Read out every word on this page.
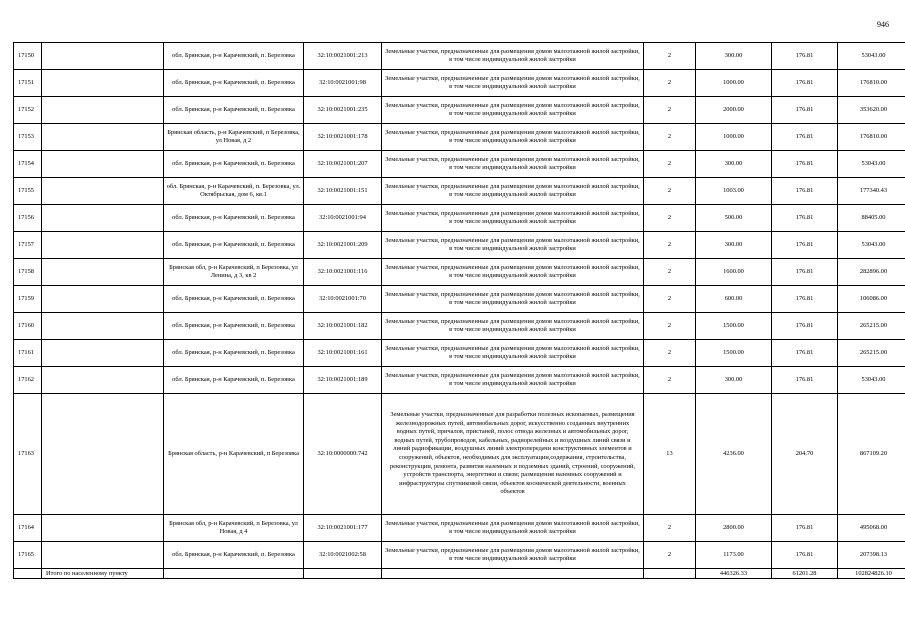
946
17150		обл. Брянская, р-н Карачевский, п. Березовка	32:10:0021001:213	Земельные участки, предназначенные для размещения домов малоэтажной жилой застройки, в том числе индивидуальной жилой застройки	2	300.00	176.81	53043.00
17151		обл. Брянская, р-н Карачевский, п. Березовка	32:10:0021001:98	Земельные участки, предназначенные для размещения домов малоэтажной жилой застройки, в том числе индивидуальной жилой застройки	2	1000.00	176.81	176810.00
17152		обл. Брянская, р-н Карачевский, п. Березовка	32:10:0021001:235	Земельные участки, предназначенные для размещения домов малоэтажной жилой застройки, в том числе индивидуальной жилой застройки	2	2000.00	176.81	353620.00
17153		Брянская область, р-н Карачевский, п Березовка, ул Новая, д 2	32:10:0021001:178	Земельные участки, предназначенные для размещения домов малоэтажной жилой застройки, в том числе индивидуальной жилой застройки	2	1000.00	176.81	176810.00
17154		обл. Брянская, р-н Карачевский, п. Березовка	32:10:0021001:207	Земельные участки, предназначенные для размещения домов малоэтажной жилой застройки, в том числе индивидуальной жилой застройки	2	300.00	176.81	53043.00
17155		обл. Брянская, р-н Карачевский, п. Березовка, ул. Октябрьская, дом 6, кв.1	32:10:0021001:151	Земельные участки, предназначенные для размещения домов малоэтажной жилой застройки, в том числе индивидуальной жилой застройки	2	1003.00	176.81	177340.43
17156		обл. Брянская, р-н Карачевский, п. Березовка	32:10:0021001:94	Земельные участки, предназначенные для размещения домов малоэтажной жилой застройки, в том числе индивидуальной жилой застройки	2	500.00	176.81	88405.00
17157		обл. Брянская, р-н Карачевский, п. Березовка	32:10:0021001:209	Земельные участки, предназначенные для размещения домов малоэтажной жилой застройки, в том числе индивидуальной жилой застройки	2	300.00	176.81	53043.00
17158		Брянская обл, р-н Карачевский, п Березовка, ул Ленина, д 3, кв 2	32:10:0021001:116	Земельные участки, предназначенные для размещения домов малоэтажной жилой застройки, в том числе индивидуальной жилой застройки	2	1600.00	176.81	282896.00
17159		обл. Брянская, р-н Карачевский, п. Березовка	32:10:0021001:70	Земельные участки, предназначенные для размещения домов малоэтажной жилой застройки, в том числе индивидуальной жилой застройки	2	600.00	176.81	106086.00
17160		обл. Брянская, р-н Карачевский, п. Березовка	32:10:0021001:182	Земельные участки, предназначенные для размещения домов малоэтажной жилой застройки, в том числе индивидуальной жилой застройки	2	1500.00	176.81	265215.00
17161		обл. Брянская, р-н Карачевский, п. Березовка	32:10:0021001:161	Земельные участки, предназначенные для размещения домов малоэтажной жилой застройки, в том числе индивидуальной жилой застройки	2	1500.00	176.81	265215.00
17162		обл. Брянская, р-н Карачевский, п. Березовка	32:10:0021001:189	Земельные участки, предназначенные для размещения домов малоэтажной жилой застройки, в том числе индивидуальной жилой застройки	2	300.00	176.81	53043.00
17163		Брянская область, р-н Карачевский, п Березовка	32:10:0000000:742	Земельные участки, предназначенные для разработки полезных ископаемых, размещения железнодорожных путей, автомобильных дорог, искусственно созданных внутренних водных путей, причалов, пристаней, полос отвода железных и автомобильных дорог, водных путей, трубопроводов, кабельных, радиорелейных и воздушных линий связи и линий радиофикации, воздушных линий электропередачи конструктивных элементов и сооружений, объектов, необходимых для эксплуатации,содержания, строительства, реконструкции, ремонта, развития наземных и подземных зданий, строений, сооружений, устройств транспорта, энергетики и связи; размещения наземных сооружений и инфраструктуры спутниковой связи, объектов космической деятельности, военных объектов	13	4236.00	204.70	867109.20
17164		Брянская обл, р-н Карачевский, п Березовка, ул Новая, д 4	32:10:0021001:177	Земельные участки, предназначенные для размещения домов малоэтажной жилой застройки, в том числе индивидуальной жилой застройки	2	2800.00	176.81	495068.00
17165		обл. Брянская, р-н Карачевский, п. Березовка	32:10:0021002:58	Земельные участки, предназначенные для размещения домов малоэтажной жилой застройки, в том числе индивидуальной жилой застройки	2	1173.00	176.81	207398.13
	Итого по населенному пункту					446326.33	61201.28	102824826.10
